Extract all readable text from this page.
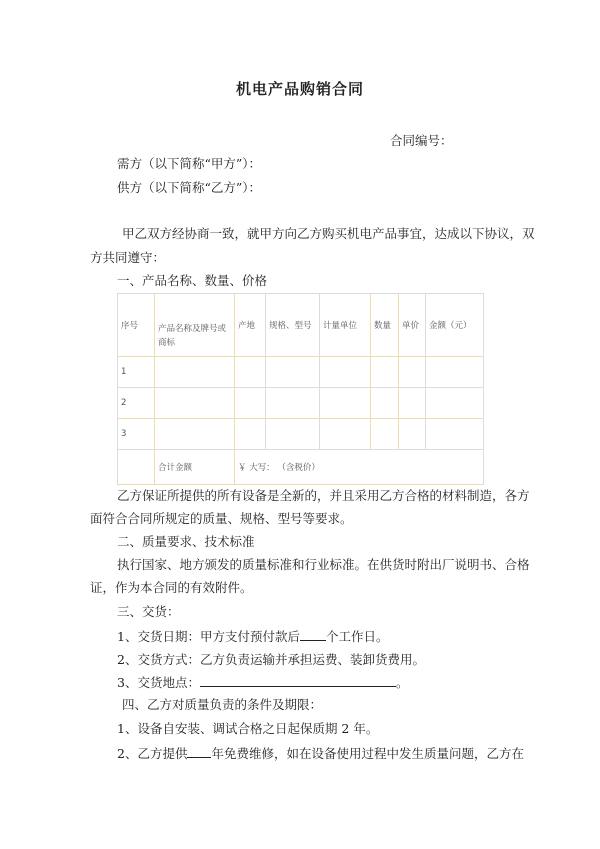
机电产品购销合同
合同编号：
需方（以下简称“甲方”）：
供方（以下简称“乙方”）：
甲乙双方经协商一致，就甲方向乙方购买机电产品事宜，达成以下协议，双
方共同遵守：
一、产品名称、数量、价格
序号	产品名称及牌号或商标	产地	规格、型号	计量单位	数量	单价	金额（元）
1							
2							
3							
	合计金额	￥ 大写： （含税价）					
乙方保证所提供的所有设备是全新的，并且采用乙方合格的材料制造，各方
面符合合同所规定的质量、规格、型号等要求。
二、质量要求、技术标准
执行国家、地方颁发的质量标准和行业标准。在供货时附出厂说明书、合格
证，作为本合同的有效附件。
三、交货：
1、交货日期：甲方支付预付款后 个工作日。
2、交货方式：乙方负责运输并承担运费、装卸货费用。
3、交货地点：	。
四、乙方对质量负责的条件及期限：
1、设备自安装、调试合格之日起保质期 2 年。
2、乙方提供 年免费维修，如在设备使用过程中发生质量问题，乙方在
